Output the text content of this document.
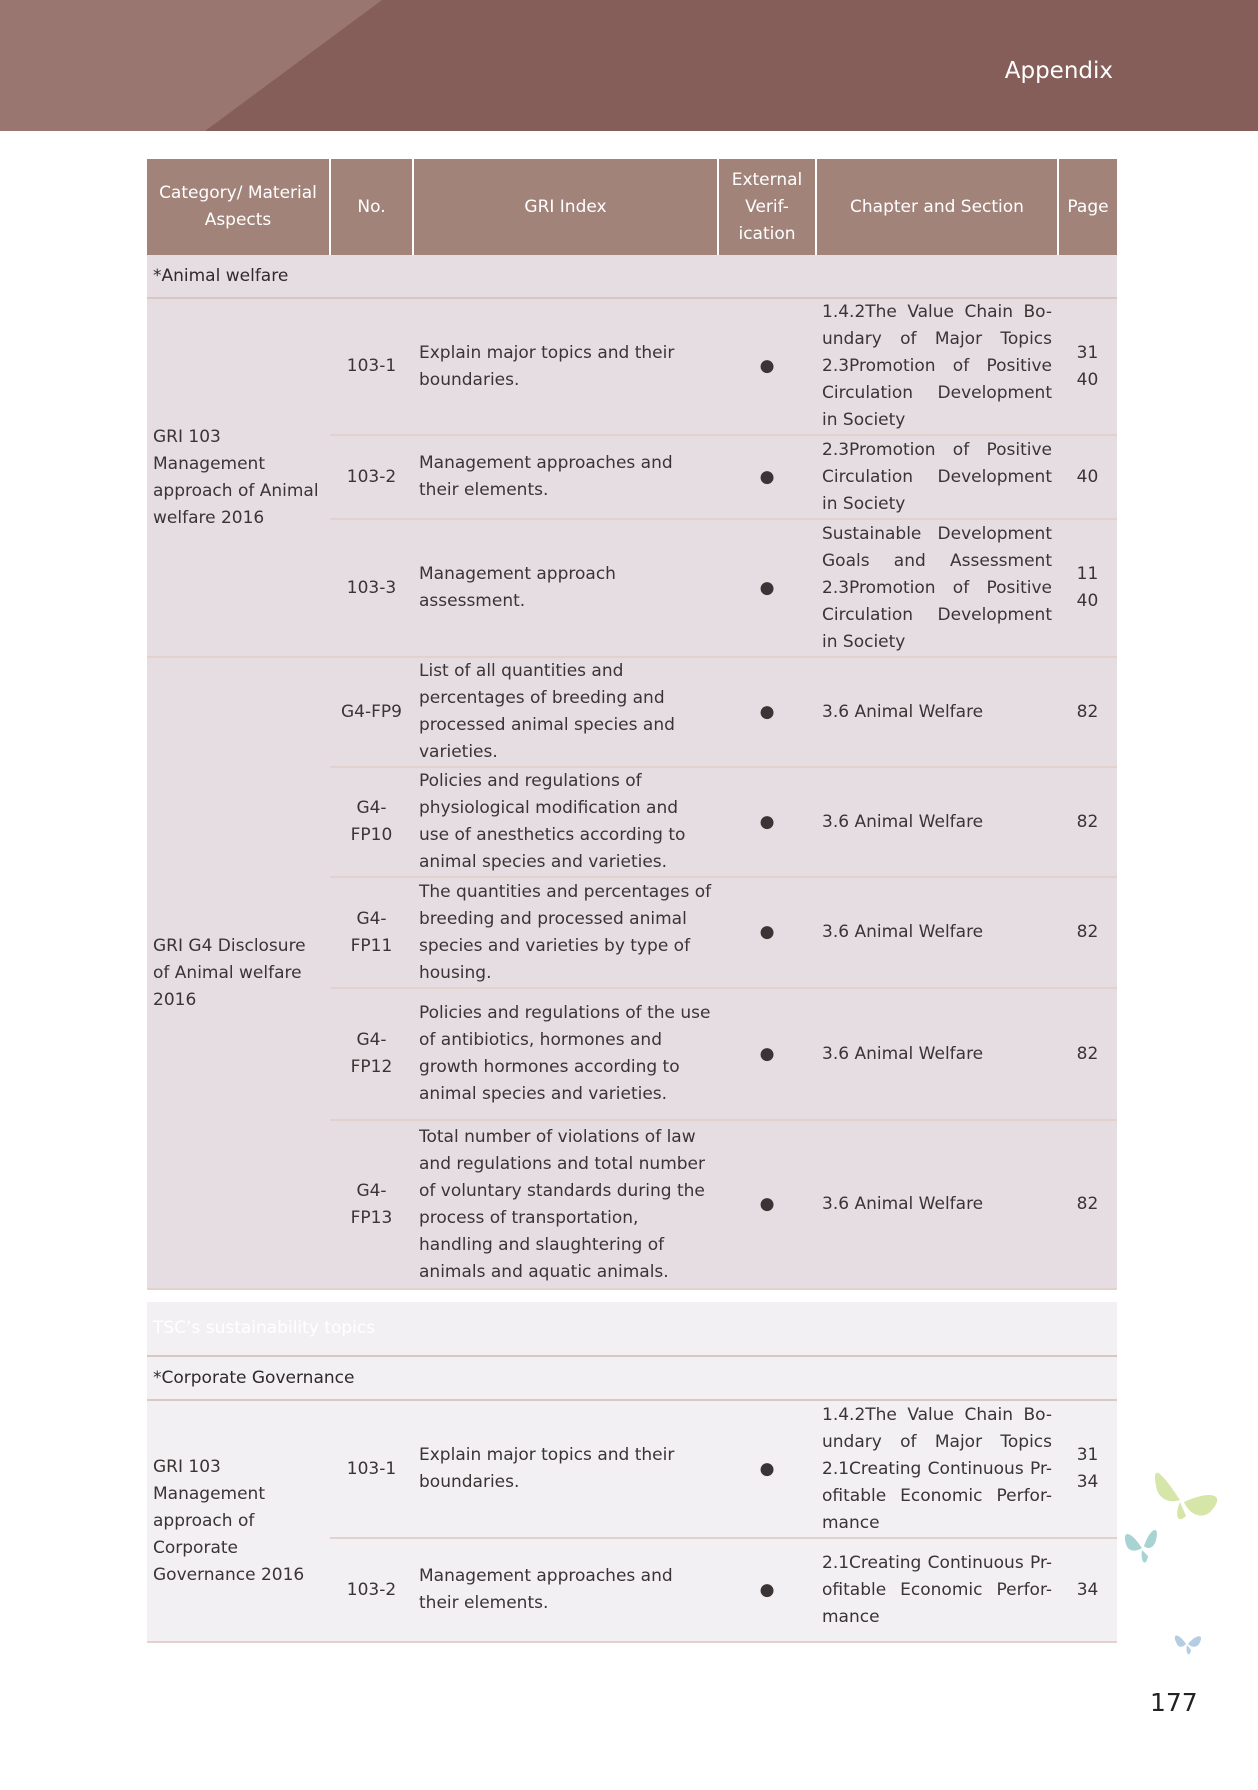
Appendix
Category/ Material Aspects	No.	GRI Index	External Verif- ication	Chapter and Section	Page
*Animal welfare					
GRI 103 Management approach of Animal welfare 2016	103-1	Explain major topics and their boundaries.	●	1.4.2The Value Chain Bo- undary of Major Topics 2.3Promotion of Positive Circulation Development in Society	31 40
	103-2	Management approaches and their elements.	●	2.3Promotion of Positive Circulation Development in Society	40
	103-3	Management approach assessment.	●	Sustainable Development Goals and Assessment 2.3Promotion of Positive Circulation Development in Society	11 40
GRI G4 Disclosure of Animal welfare 2016	G4-FP9	List of all quantities and percentages of breeding and processed animal species and varieties.	●	3.6 Animal Welfare	82
	G4-FP10	Policies and regulations of physiological modification and use of anesthetics according to animal species and varieties.	●	3.6 Animal Welfare	82
	G4-FP11	The quantities and percentages of breeding and processed animal species and varieties by type of housing.	●	3.6 Animal Welfare	82
	G4-FP12	Policies and regulations of the use of antibiotics, hormones and growth hormones according to animal species and varieties.	●	3.6 Animal Welfare	82
	G4-FP13	Total number of violations of law and regulations and total number of voluntary standards during the process of transportation, handling and slaughtering of animals and aquatic animals.	●	3.6 Animal Welfare	82
TSC’s sustainability topics					
*Corporate Governance					
GRI 103 Management approach of Corporate Governance 2016	103-1	Explain major topics and their boundaries.	●	1.4.2The Value Chain Bo- undary of Major Topics 2.1Creating Continuous Pr- ofitable Economic Perfor- mance	31 34
	103-2	Management approaches and their elements.	●	2.1Creating Continuous Pr- ofitable Economic Perfor- mance	34
177
